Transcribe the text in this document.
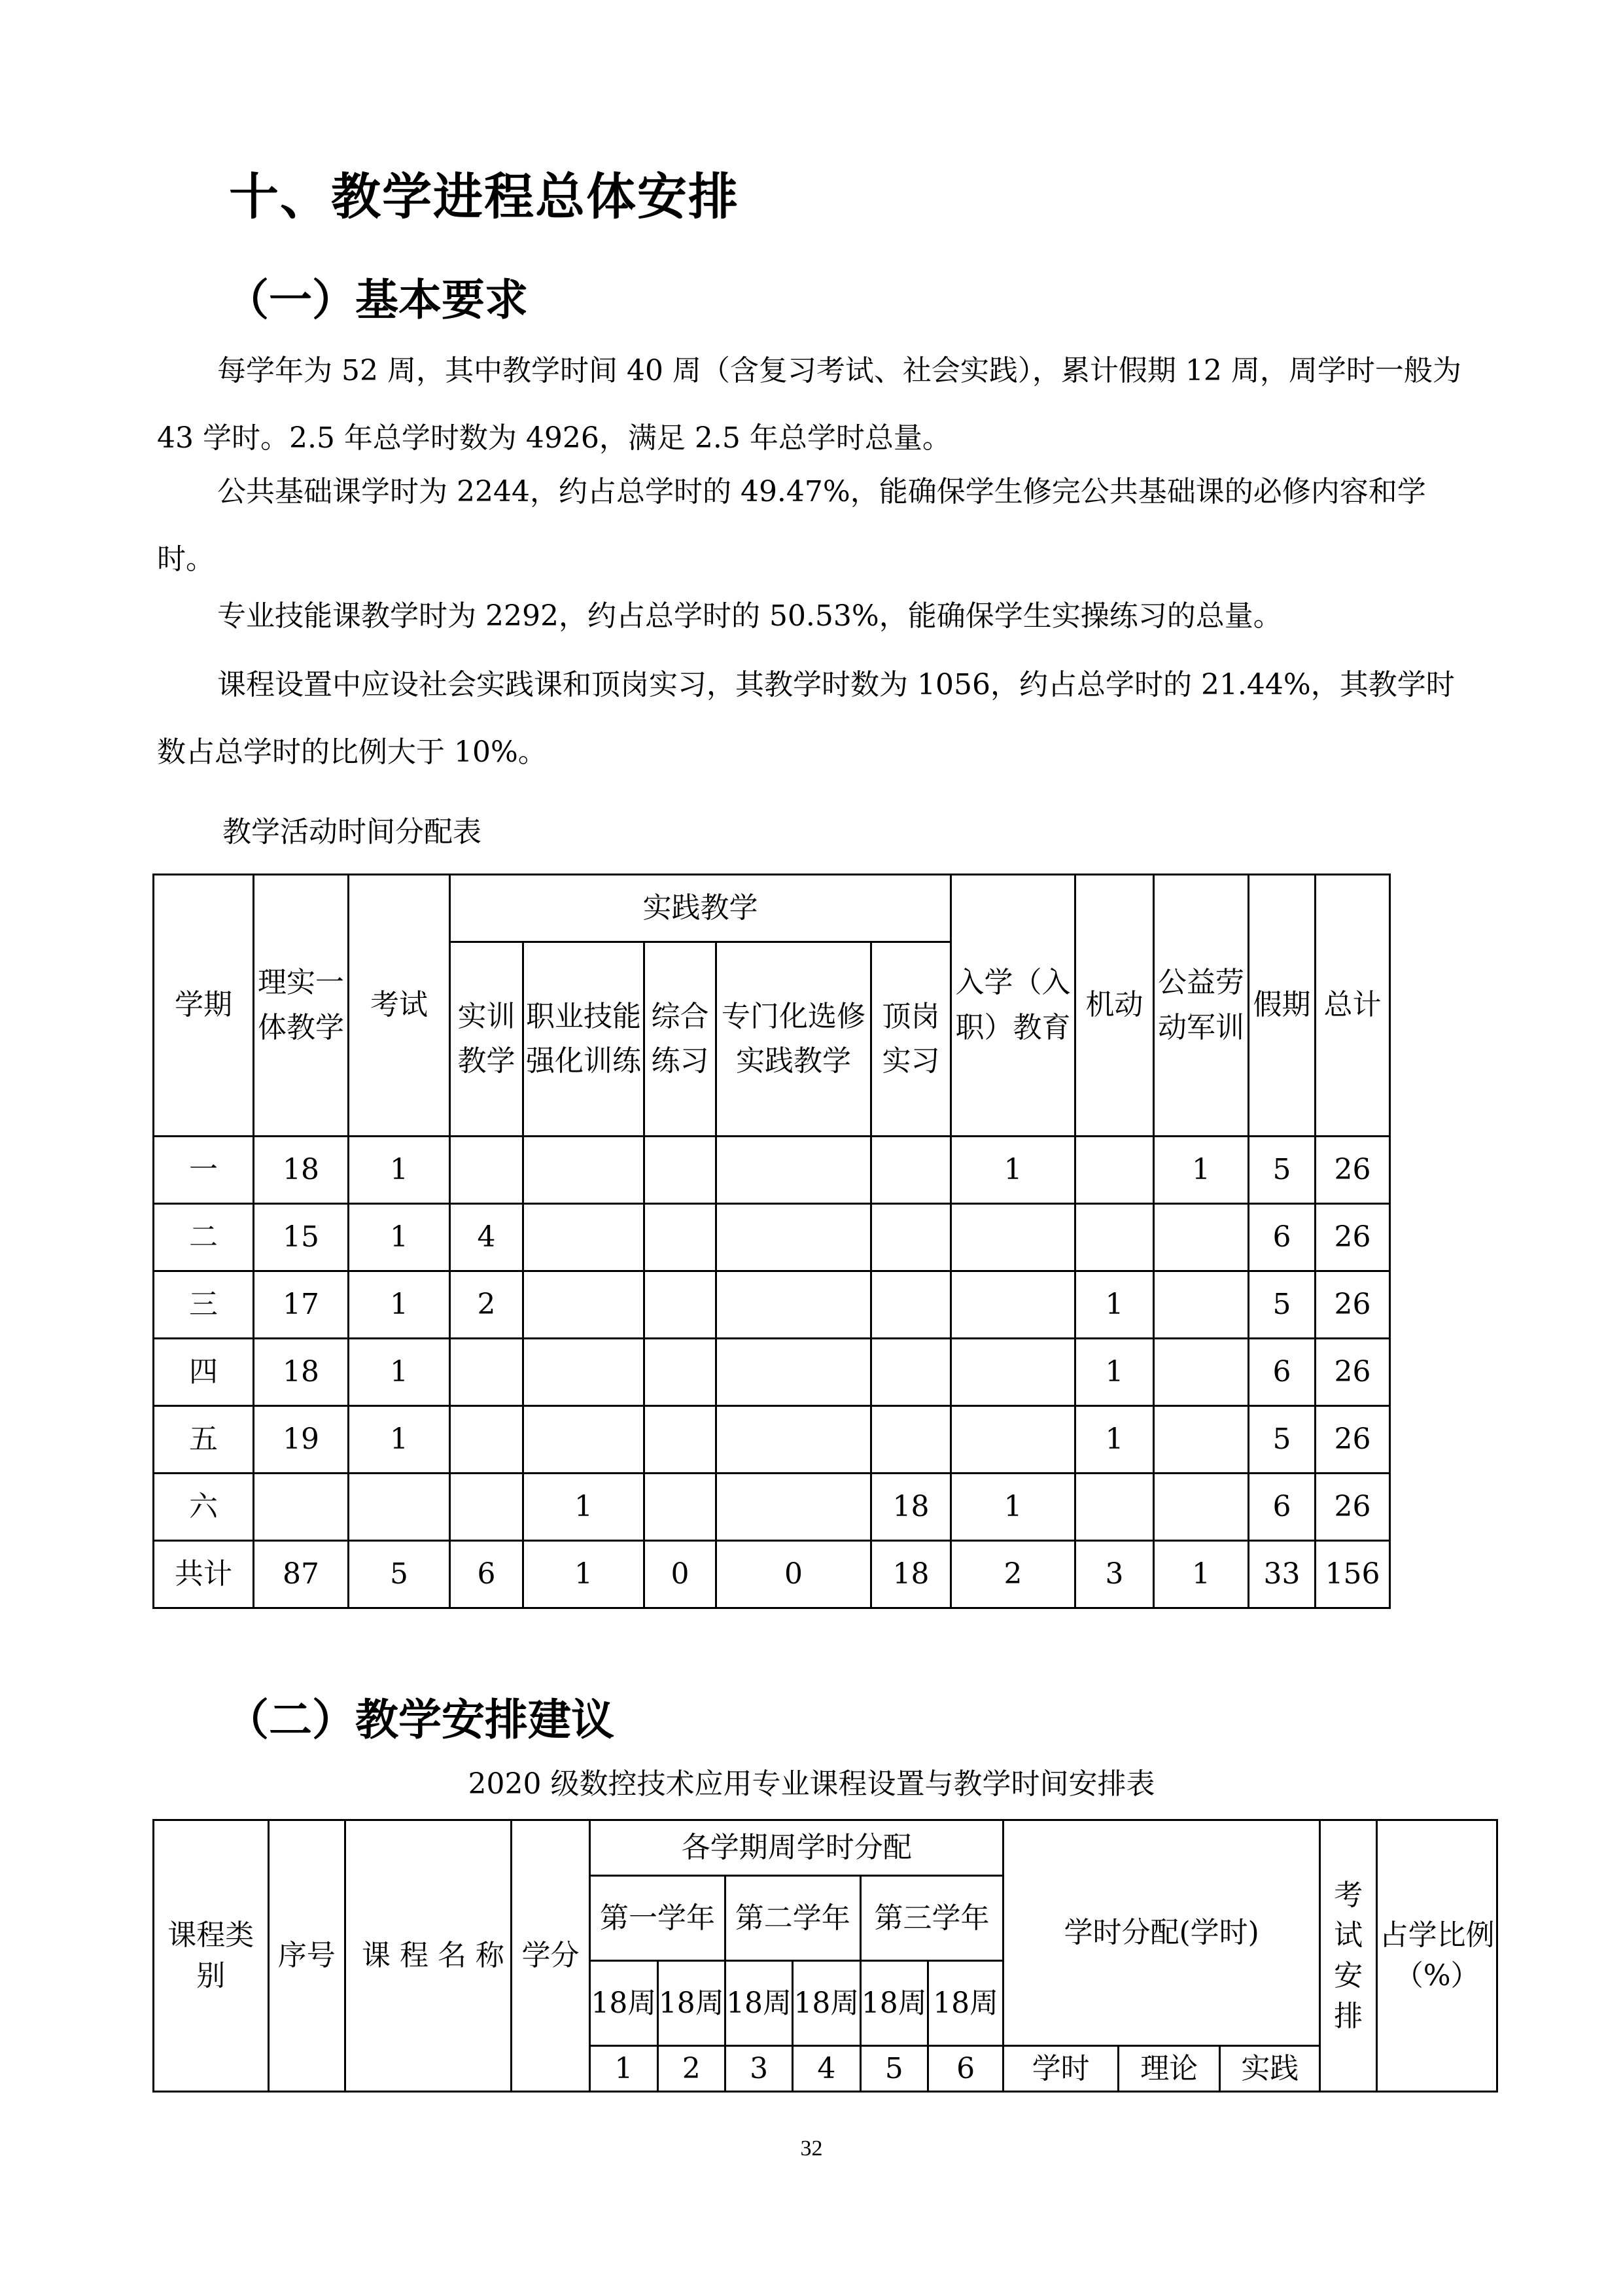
十、教学进程总体安排
（一）基本要求
每学年为 52 周，其中教学时间 40 周（含复习考试、社会实践），累计假期 12 周，周学时一般为 43 学时。2.5 年总学时数为 4926，满足 2.5 年总学时总量。
公共基础课学时为 2244，约占总学时的 49.47%，能确保学生修完公共基础课的必修内容和学时。
专业技能课教学时为 2292，约占总学时的 50.53%，能确保学生实操练习的总量。
课程设置中应设社会实践课和顶岗实习，其教学时数为 1056，约占总学时的 21.44%，其教学时数占总学时的比例大于 10%。
教学活动时间分配表
学期	理实一体教学	考试	实践教学					入学（入职）教育	机动	公益劳动军训	假期	总计
			实训教学	职业技能强化训练	综合练习	专门化选修实践教学	顶岗实习					
一	18	1						1		1	5	26
二	15	1	4								6	26
三	17	1	2						1		5	26
四	18	1							1		6	26
五	19	1							1		5	26
六				1			18	1			6	26
共计	87	5	6	1	0	0	18	2	3	1	33	156
（二）教学安排建议
2020 级数控技术应用专业课程设置与教学时间安排表
课程类别	序号	课 程 名 称	学分	各学期周学时分配						学时分配(学时)			考试安排	占学比例（%）
				第一学年		第二学年		第三学年						
				18周	18周	18周	18周	18周	18周					
				1	2	3	4	5	6	学时	理论	实践		
32
